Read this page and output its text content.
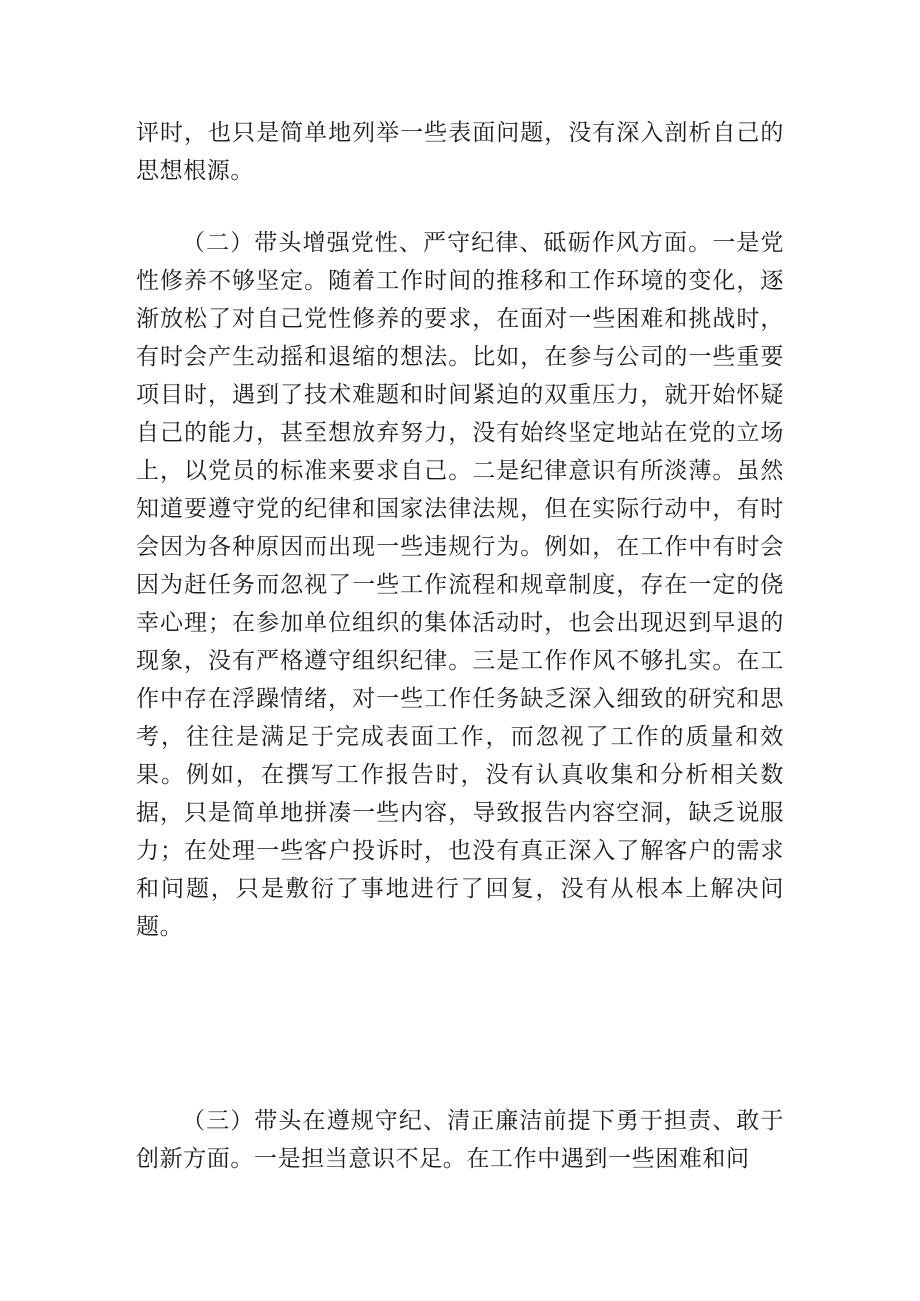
评时，也只是简单地列举一些表面问题，没有深入剖析自己的思想根源。

（二）带头增强党性、严守纪律、砥砺作风方面。一是党性修养不够坚定。随着工作时间的推移和工作环境的变化，逐渐放松了对自己党性修养的要求，在面对一些困难和挑战时，有时会产生动摇和退缩的想法。比如，在参与公司的一些重要项目时，遇到了技术难题和时间紧迫的双重压力，就开始怀疑自己的能力，甚至想放弃努力，没有始终坚定地站在党的立场上，以党员的标准来要求自己。二是纪律意识有所淡薄。虽然知道要遵守党的纪律和国家法律法规，但在实际行动中，有时会因为各种原因而出现一些违规行为。例如，在工作中有时会因为赶任务而忽视了一些工作流程和规章制度，存在一定的侥幸心理；在参加单位组织的集体活动时，也会出现迟到早退的现象，没有严格遵守组织纪律。三是工作作风不够扎实。在工作中存在浮躁情绪，对一些工作任务缺乏深入细致的研究和思考，往往是满足于完成表面工作，而忽视了工作的质量和效果。例如，在撰写工作报告时，没有认真收集和分析相关数据，只是简单地拼凑一些内容，导致报告内容空洞，缺乏说服力；在处理一些客户投诉时，也没有真正深入了解客户的需求和问题，只是敷衍了事地进行了回复，没有从根本上解决问题。

（三）带头在遵规守纪、清正廉洁前提下勇于担责、敢于创新方面。一是担当意识不足。在工作中遇到一些困难和问
